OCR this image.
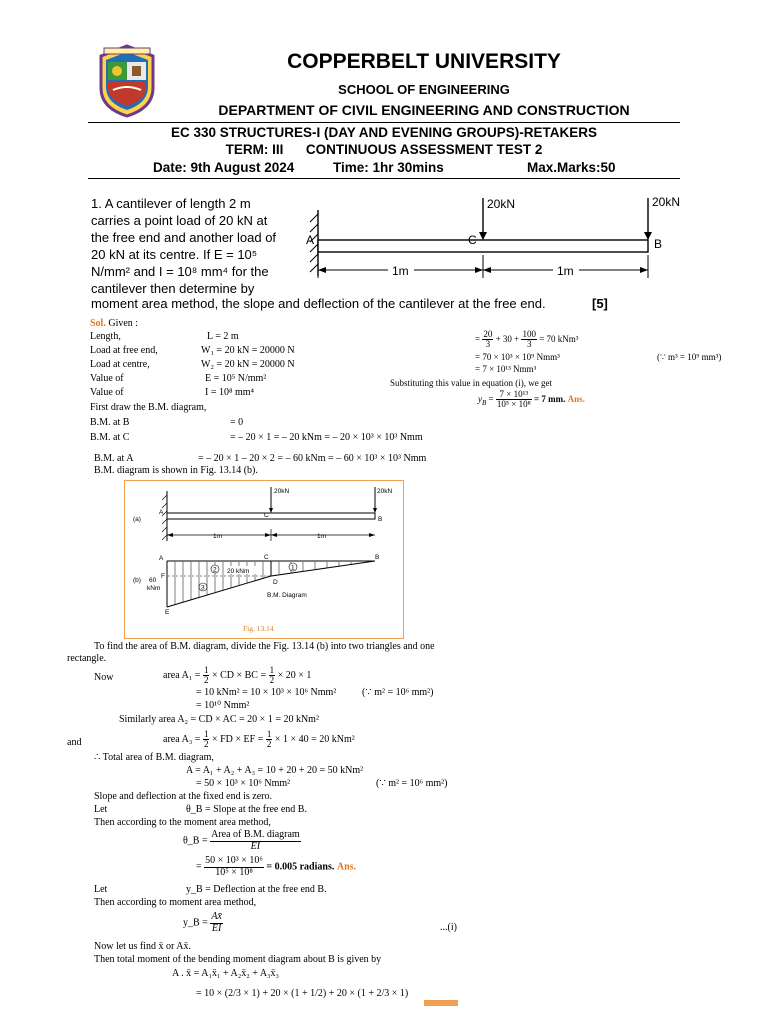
COPPERBELT UNIVERSITY
SCHOOL OF ENGINEERING
DEPARTMENT OF CIVIL ENGINEERING AND CONSTRUCTION
EC 330 STRUCTURES-I (DAY AND EVENING GROUPS)-RETAKERS
TERM: III      CONTINUOUS ASSESSMENT TEST 2
Date: 9th August 2024	Time: 1hr 30mins	Max.Marks:50
1. A cantilever of length 2 m
carries a point load of 20 kN at
the free end and another load of
20 kN at its centre. If E = 10⁵
N/mm² and I = 10⁸ mm⁴ for the
cantilever then determine by
moment area method, the slope and deflection of the cantilever at the free end.	[5]
20kN	20kN
A	B
C
1m	1m
Sol. Given :
Length,	L = 2 m
Load at free end,	W₁ = 20 kN = 20000 N
Load at centre,	W₂ = 20 kN = 20000 N
Value of	E = 10⁵ N/mm²
Value of	I = 10⁸ mm⁴
First draw the B.M. diagram,
B.M. at B	= 0
B.M. at C	= – 20 × 1 = – 20 kNm = – 20 × 10³ × 10³ Nmm
= $\frac{20}{3} + 30 + \frac{100}{3} = 70$ kNm³
= 70 × 10³ × 10⁹ Nmm³	(∵ m³ = 10⁹ mm³)
= 7 × 10¹³ Nmm³
Substituting this value in equation (i), we get
$y_B = \frac{\text{7 × 10¹³}}{\text{10⁵ × 10⁸}} = 7$ mm. Ans.
B.M. at A	= – 20 × 1 – 20 × 2 = – 60 kNm = – 60 × 10³ × 10³ Nmm
B.M. diagram is shown in Fig. 13.14 (b).
20kN	20kN
A	C
B
(a)
1m	1m
A	C	B
F
D
E
(b) 60
kNm
20 kNm	1
2
3
B.M. Diagram
Fig. 13.14
To find the area of B.M. diagram, divide the Fig. 13.14 (b) into two triangles and one
rectangle.
Now	area $A_1 = \frac{1}{2}$ × CD × BC = $\frac{1}{2} \times 20 \times 1$
= 10 kNm² = 10 × 10³ × 10⁶ Nmm²	(∵ m² = 10⁶ mm²)
= 10¹⁰ Nmm²
Similarly area A₂ = CD × AC = 20 × 1 = 20 kNm²
and	area $A_3 = \frac{1}{2}$ × FD × EF = $\frac{1}{2} \times 1 \times 40 = 20$ kNm²
∴ Total area of B.M. diagram,
A = A₁ + A₂ + A₃ = 10 + 20 + 20 = 50 kNm²
= 50 × 10³ × 10⁶ Nmm²	(∵ m² = 10⁶ mm²)
Slope and deflection at the fixed end is zero.
Let	θ_B = Slope at the free end B.
Then according to the moment area method,
θ_B = $\frac{\text{Area of B.M. diagram}}{EI}$
= $\frac{\text{50 × 10³ × 10⁶}}{\text{10⁵ × 10⁸}} = 0.005$ radians. Ans.
Let	y_B = Deflection at the free end B.
Then according to moment area method,
y_B = $\frac{Ax̄}{EI}$	...(i)
Now let us find x̄ or Ax̄.
Then total moment of the bending moment diagram about B is given by
A . x̄ = A₁x̄₁ + A₂x̄₂ + A₃x̄₃
= 10 × (2/3 × 1) + 20 × (1 + 1/2) + 20 × (1 + 2/3 × 1)
